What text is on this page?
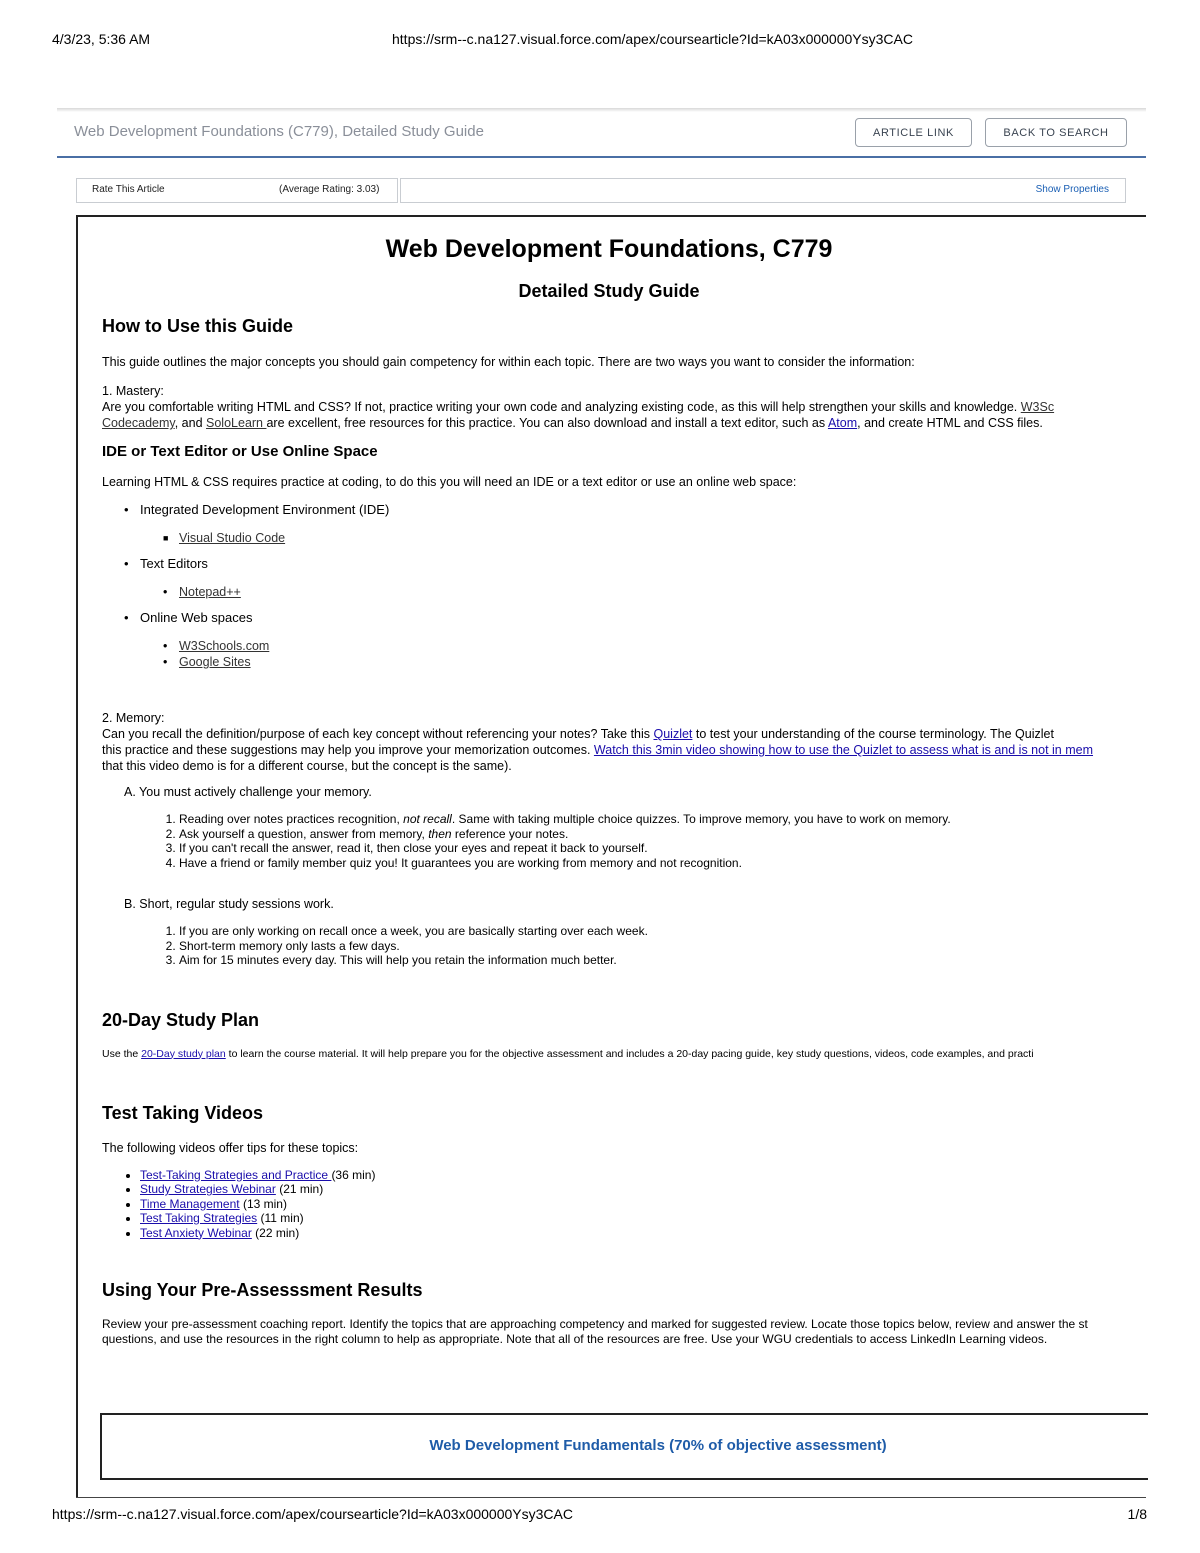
4/3/23, 5:36 AM	https://srm--c.na127.visual.force.com/apex/coursearticle?Id=kA03x000000Ysy3CAC
Web Development Foundations (C779), Detailed Study Guide	ARTICLE LINK	BACK TO SEARCH
Rate This Article	(Average Rating: 3.03)	Show Properties
Web Development Foundations, C779
Detailed Study Guide
How to Use this Guide
This guide outlines the major concepts you should gain competency for within each topic. There are two ways you want to consider the information:
1. Mastery:
Are you comfortable writing HTML and CSS? If not, practice writing your own code and analyzing existing code, as this will help strengthen your skills and knowledge. W3Sc
Codecademy, and SoloLearn are excellent, free resources for this practice. You can also download and install a text editor, such as Atom, and create HTML and CSS files.
IDE or Text Editor or Use Online Space
Learning HTML & CSS requires practice at coding, to do this you will need an IDE or a text editor or use an online web space:
• Integrated Development Environment (IDE)
■ Visual Studio Code
• Text Editors
• Notepad++
• Online Web spaces
• W3Schools.com
• Google Sites
2. Memory:
Can you recall the definition/purpose of each key concept without referencing your notes? Take this Quizlet to test your understanding of the course terminology. The Quizlet
this practice and these suggestions may help you improve your memorization outcomes. Watch this 3min video showing how to use the Quizlet to assess what is and is not in mem
that this video demo is for a different course, but the concept is the same).
A. You must actively challenge your memory.
1. Reading over notes practices recognition, not recall. Same with taking multiple choice quizzes. To improve memory, you have to work on memory.
2. Ask yourself a question, answer from memory, then reference your notes.
3. If you can't recall the answer, read it, then close your eyes and repeat it back to yourself.
4. Have a friend or family member quiz you! It guarantees you are working from memory and not recognition.
B. Short, regular study sessions work.
1. If you are only working on recall once a week, you are basically starting over each week.
2. Short-term memory only lasts a few days.
3. Aim for 15 minutes every day. This will help you retain the information much better.
20-Day Study Plan
Use the 20-Day study plan to learn the course material. It will help prepare you for the objective assessment and includes a 20-day pacing guide, key study questions, videos, code examples, and practi
Test Taking Videos
The following videos offer tips for these topics:
• Test-Taking Strategies and Practice (36 min)
• Study Strategies Webinar (21 min)
• Time Management (13 min)
• Test Taking Strategies (11 min)
• Test Anxiety Webinar (22 min)
Using Your Pre-Assesssment Results
Review your pre-assessment coaching report. Identify the topics that are approaching competency and marked for suggested review. Locate those topics below, review and answer the st
questions, and use the resources in the right column to help as appropriate. Note that all of the resources are free. Use your WGU credentials to access LinkedIn Learning videos.
Web Development Fundamentals (70% of objective assessment)
https://srm--c.na127.visual.force.com/apex/coursearticle?Id=kA03x000000Ysy3CAC	1/8
